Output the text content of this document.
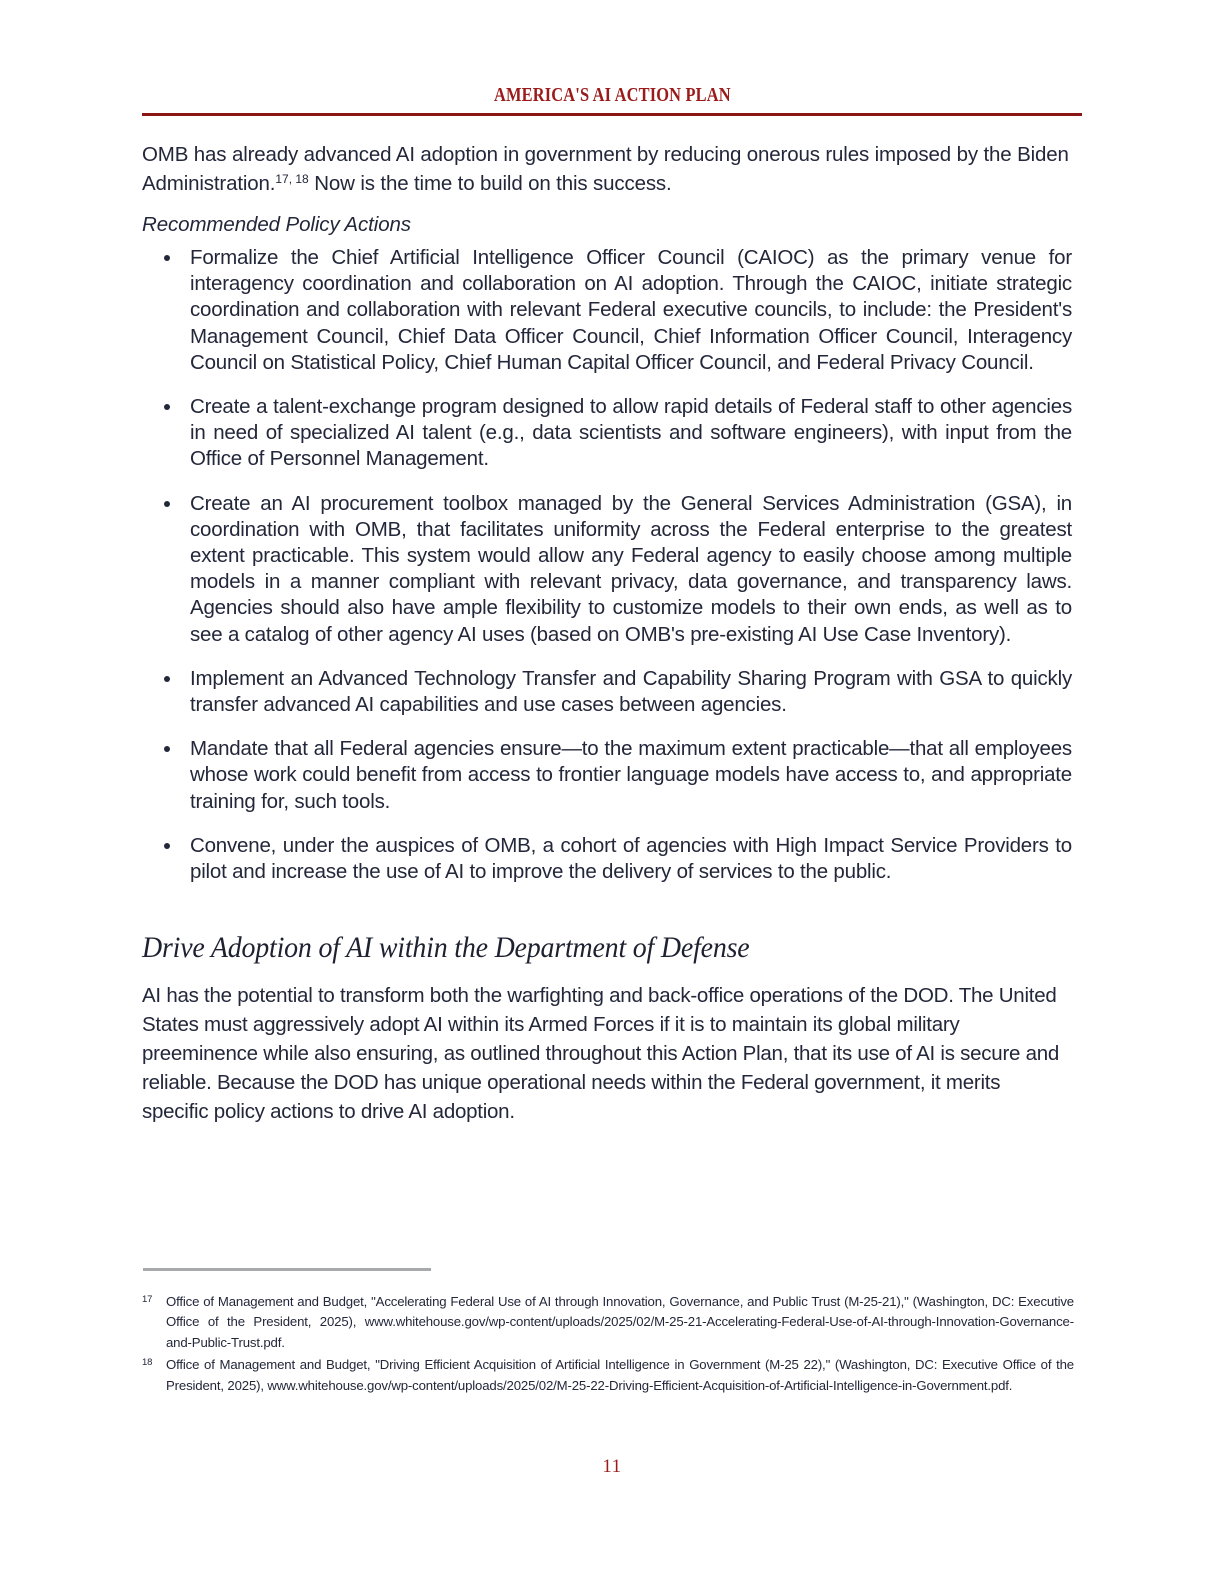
AMERICA'S AI ACTION PLAN

OMB has already advanced AI adoption in government by reducing onerous rules imposed by the Biden Administration.$^{17, 18}$ Now is the time to build on this success.

Recommended Policy Actions
Formalize the Chief Artificial Intelligence Officer Council (CAIOC) as the primary venue for interagency coordination and collaboration on AI adoption. Through the CAIOC, initiate strategic coordination and collaboration with relevant Federal executive councils, to include: the President's Management Council, Chief Data Officer Council, Chief Information Officer Council, Interagency Council on Statistical Policy, Chief Human Capital Officer Council, and Federal Privacy Council.
Create a talent-exchange program designed to allow rapid details of Federal staff to other agencies in need of specialized AI talent (e.g., data scientists and software engineers), with input from the Office of Personnel Management.
Create an AI procurement toolbox managed by the General Services Administration (GSA), in coordination with OMB, that facilitates uniformity across the Federal enterprise to the greatest extent practicable. This system would allow any Federal agency to easily choose among multiple models in a manner compliant with relevant privacy, data governance, and transparency laws. Agencies should also have ample flexibility to customize models to their own ends, as well as to see a catalog of other agency AI uses (based on OMB's pre-existing AI Use Case Inventory).
Implement an Advanced Technology Transfer and Capability Sharing Program with GSA to quickly transfer advanced AI capabilities and use cases between agencies.
Mandate that all Federal agencies ensure—to the maximum extent practicable—that all employees whose work could benefit from access to frontier language models have access to, and appropriate training for, such tools.
Convene, under the auspices of OMB, a cohort of agencies with High Impact Service Providers to pilot and increase the use of AI to improve the delivery of services to the public.
Drive Adoption of AI within the Department of Defense

AI has the potential to transform both the warfighting and back-office operations of the DOD. The United States must aggressively adopt AI within its Armed Forces if it is to maintain its global military preeminence while also ensuring, as outlined throughout this Action Plan, that its use of AI is secure and reliable. Because the DOD has unique operational needs within the Federal government, it merits specific policy actions to drive AI adoption.

17 Office of Management and Budget, "Accelerating Federal Use of AI through Innovation, Governance, and Public Trust (M-25-21)," (Washington, DC: Executive Office of the President, 2025), www.whitehouse.gov/wp-content/uploads/2025/02/M-25-21-Accelerating-Federal-Use-of-AI-through-Innovation-Governance-and-Public-Trust.pdf.
18 Office of Management and Budget, "Driving Efficient Acquisition of Artificial Intelligence in Government (M-25 22)," (Washington, DC: Executive Office of the President, 2025), www.whitehouse.gov/wp-content/uploads/2025/02/M-25-22-Driving-Efficient-Acquisition-of-Artificial-Intelligence-in-Government.pdf.
11
